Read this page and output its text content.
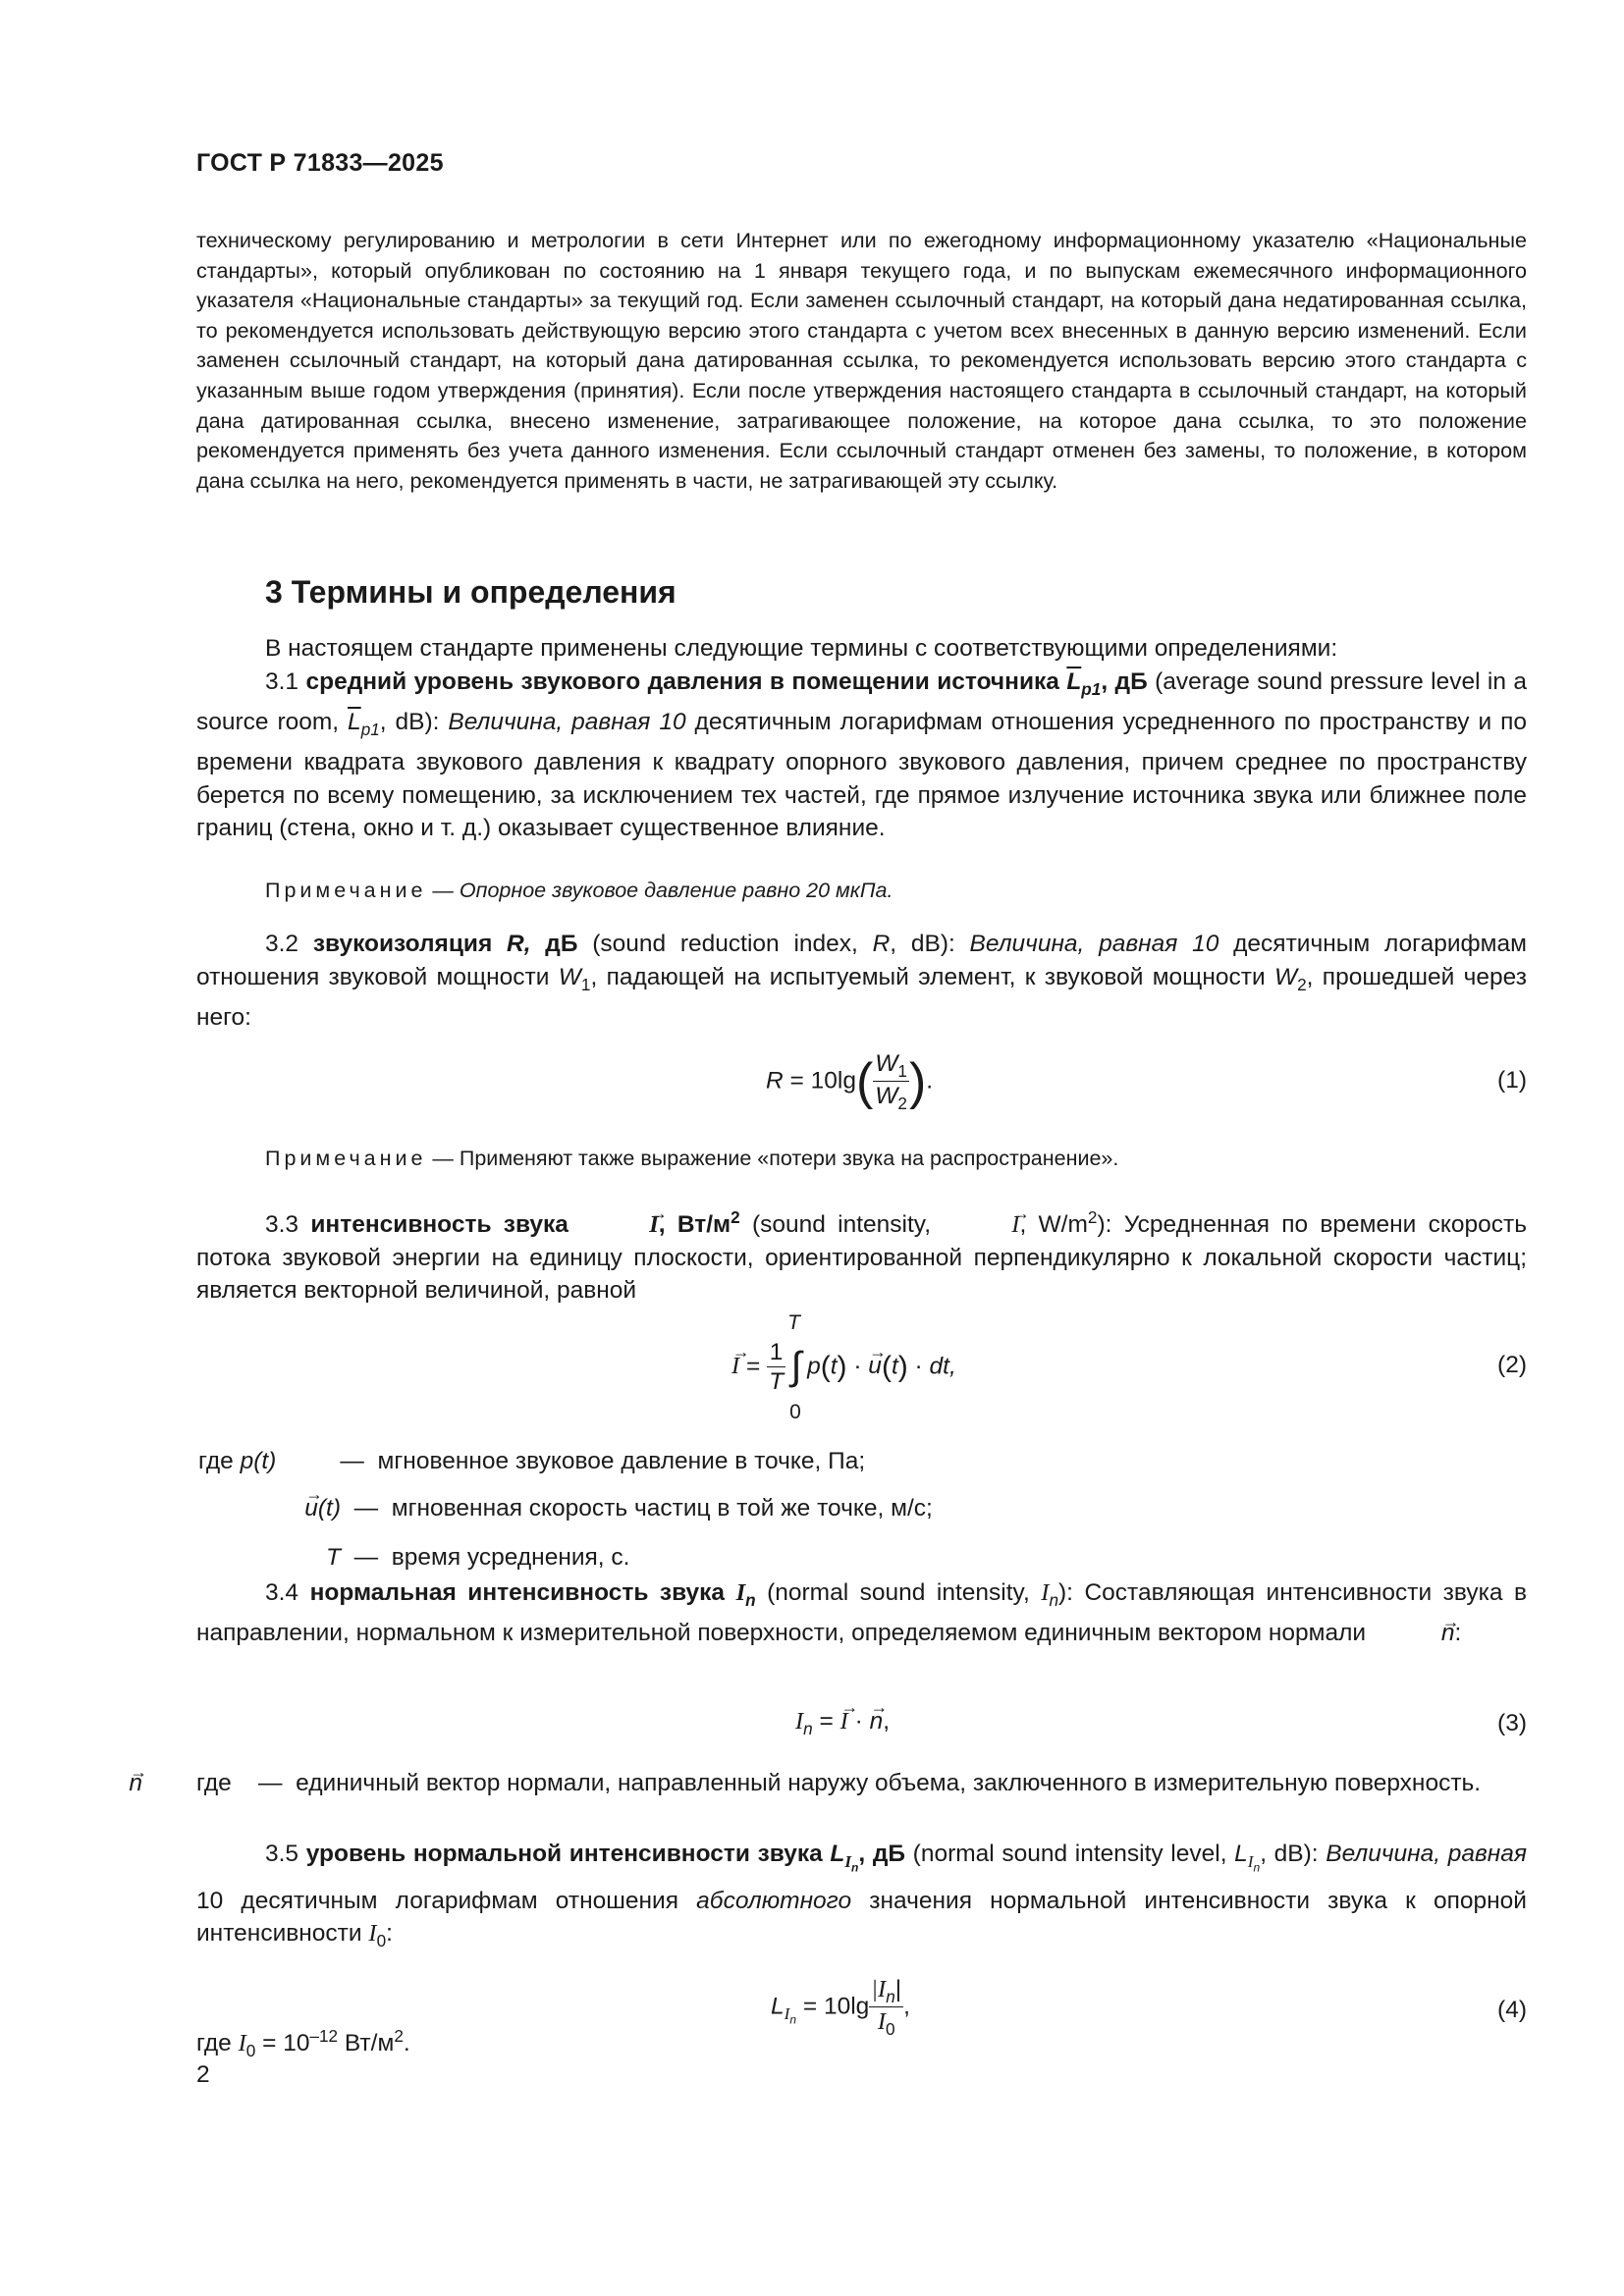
ГОСТ Р 71833—2025
техническому регулированию и метрологии в сети Интернет или по ежегодному информационному указателю «Национальные стандарты», который опубликован по состоянию на 1 января текущего года, и по выпускам ежемесячного информационного указателя «Национальные стандарты» за текущий год. Если заменен ссылочный стандарт, на который дана недатированная ссылка, то рекомендуется использовать действующую версию этого стандарта с учетом всех внесенных в данную версию изменений. Если заменен ссылочный стандарт, на который дана датированная ссылка, то рекомендуется использовать версию этого стандарта с указанным выше годом утверждения (принятия). Если после утверждения настоящего стандарта в ссылочный стандарт, на который дана датированная ссылка, внесено изменение, затрагивающее положение, на которое дана ссылка, то это положение рекомендуется применять без учета данного изменения. Если ссылочный стандарт отменен без замены, то положение, в котором дана ссылка на него, рекомендуется применять в части, не затрагивающей эту ссылку.
3 Термины и определения
В настоящем стандарте применены следующие термины с соответствующими определениями:
3.1 средний уровень звукового давления в помещении источника $\overline{L}_{p1}$, дБ (average sound pressure level in a source room, $\overline{L}_{p1}$, dB): Величина, равная 10 десятичным логарифмам отношения усредненного по пространству и по времени квадрата звукового давления к квадрату опорного звукового давления, причем среднее по пространству берется по всему помещению, за исключением тех частей, где прямое излучение источника звука или ближнее поле границ (стена, окно и т. д.) оказывает существенное влияние.
Примечание — Опорное звуковое давление равно 20 мкПа.
3.2 звукоизоляция R, дБ (sound reduction index, R, dB): Величина, равная 10 десятичным логарифмам отношения звуковой мощности $W_1$, падающей на испытуемый элемент, к звуковой мощности $W_2$, прошедшей через него:
$R = 10\lg( \frac{W_1}{W_2}$ ).	(1)
Примечание — Применяют также выражение «потери звука на распространение».
3.3 интенсивность звука	→ I, $Вт/м^2$ (sound intensity,	→ I, $W/m^2$): Усредненная по времени скорость потока звуковой энергии на единицу плоскости, ориентированной перпендикулярно к локальной скорости частиц; является векторной величиной, равной
→ $I = \frac{1}{T}$ ∫
T
0
p(t) · → u(t) · dt,	(2)
где p(t)	— мгновенное звуковое давление в точке, Па;
→ u(t) — мгновенная скорость частиц в той же точке, м/с;
T — время усреднения, с.
3.4 нормальная интенсивность звука $I_n$ (normal sound intensity, $I_n$): Составляющая интенсивности звука в направлении, нормальном к измерительной поверхности, определяемом единичным вектором нормали	→ n:
$I_n$ = → I · → n,	(3)
где  n	— единичный вектор нормали, направленный наружу объема, заключенного в измерительную поверхность.
3.5 уровень нормальной интенсивности звука $L_{I_n}$, дБ (normal sound intensity level, $L_{I_n}$, dB): Величина, равная 10 десятичным логарифмам отношения абсолютного значения нормальной интенсивности звука к опорной интенсивности $I_0$:
$L_{I_n} = 10\lg \frac{|I_n|}{I_0}$ ,	(4)
где $I_0 = 10^{-12}$ $Вт/м^2$.
2
